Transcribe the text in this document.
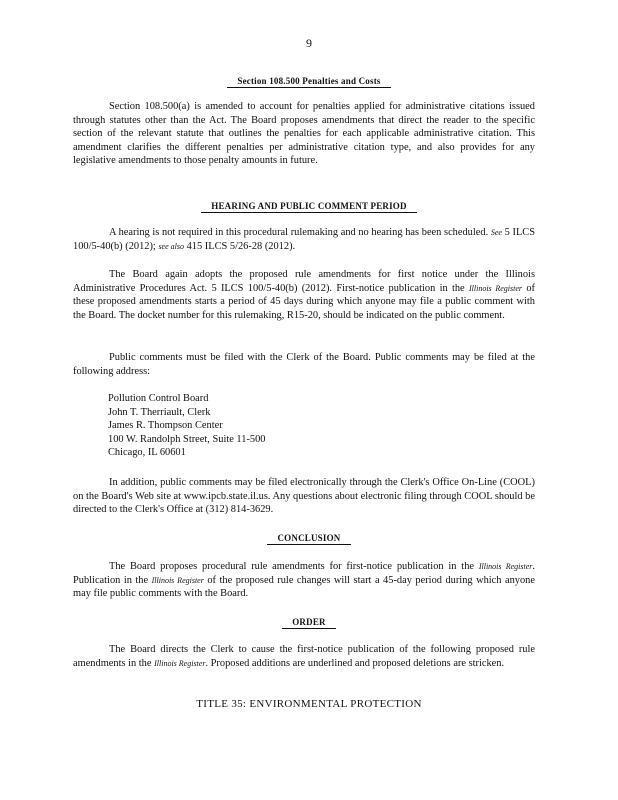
9
Section 108.500 Penalties and Costs
Section 108.500(a) is amended to account for penalties applied for administrative citations issued through statutes other than the Act. The Board proposes amendments that direct the reader to the specific section of the relevant statute that outlines the penalties for each applicable administrative citation. This amendment clarifies the different penalties per administrative citation type, and also provides for any legislative amendments to those penalty amounts in future.
HEARING AND PUBLIC COMMENT PERIOD
A hearing is not required in this procedural rulemaking and no hearing has been scheduled. See 5 ILCS 100/5-40(b) (2012); see also 415 ILCS 5/26-28 (2012).
The Board again adopts the proposed rule amendments for first notice under the Illinois Administrative Procedures Act. 5 ILCS 100/5-40(b) (2012). First-notice publication in the Illinois Register of these proposed amendments starts a period of 45 days during which anyone may file a public comment with the Board. The docket number for this rulemaking, R15-20, should be indicated on the public comment.
Public comments must be filed with the Clerk of the Board. Public comments may be filed at the following address:
Pollution Control Board
John T. Therriault, Clerk
James R. Thompson Center
100 W. Randolph Street, Suite 11-500
Chicago, IL 60601
In addition, public comments may be filed electronically through the Clerk's Office On-Line (COOL) on the Board's Web site at www.ipcb.state.il.us. Any questions about electronic filing through COOL should be directed to the Clerk's Office at (312) 814-3629.
CONCLUSION
The Board proposes procedural rule amendments for first-notice publication in the Illinois Register. Publication in the Illinois Register of the proposed rule changes will start a 45-day period during which anyone may file public comments with the Board.
ORDER
The Board directs the Clerk to cause the first-notice publication of the following proposed rule amendments in the Illinois Register. Proposed additions are underlined and proposed deletions are stricken.
TITLE 35: ENVIRONMENTAL PROTECTION
